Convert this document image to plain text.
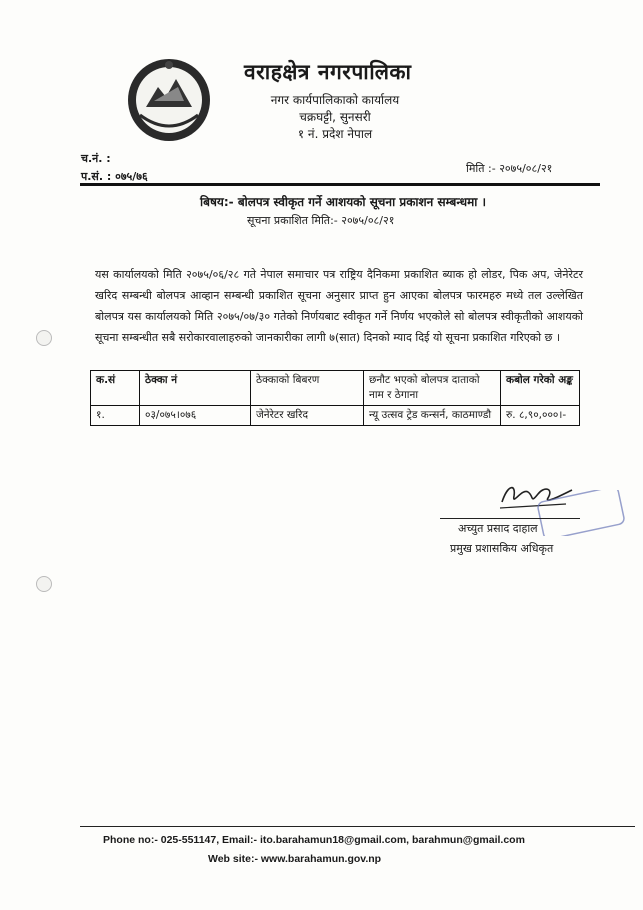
वराहक्षेत्र नगरपालिका
नगर कार्यपालिकाको कार्यालय
चक्रघट्टी, सुनसरी
१ नं. प्रदेश नेपाल
च.नं. :
प.सं. : ०७५/७६
मिति :- २०७५/०८/२१
बिषय:- बोलपत्र स्वीकृत गर्ने आशयको सूचना प्रकाशन सम्बन्धमा ।
सूचना प्रकाशित मिति:- २०७५/०८/२१
यस कार्यालयको मिति २०७५/०६/२८ गते नेपाल समाचार पत्र राष्ट्रिय दैनिकमा प्रकाशित ब्याक हो लोडर, पिक अप, जेनेरेटर खरिद सम्बन्धी बोलपत्र आव्हान सम्बन्धी प्रकाशित सूचना अनुसार प्राप्त हुन आएका बोलपत्र फारमहरु मध्ये तल उल्लेखित बोलपत्र यस कार्यालयको मिति २०७५/०७/३० गतेको निर्णयबाट स्वीकृत गर्ने निर्णय भएकोले सो बोलपत्र स्वीकृतीको आशयको सूचना सम्बन्धीत सबै सरोकारवालाहरुको जानकारीका लागी ७(सात) दिनको म्याद दिई यो सूचना प्रकाशित गरिएको छ ।
क.सं	ठेक्का नं	ठेक्काको बिबरण	छनौट भएको बोलपत्र दाताको नाम र ठेगाना	कबोल गरेको अङ्क
१.	०३/०७५।०७६	जेनेरेटर खरिद	न्यू उत्सव ट्रेड कन्सर्न, काठमाण्डौ	रु. ८,९०,०००।-
अच्युत प्रसाद दाहाल
प्रमुख प्रशासकिय अधिकृत
Phone no:- 025-551147, Email:- ito.barahamun18@gmail.com, barahmun@gmail.com
Web site:- www.barahamun.gov.np
